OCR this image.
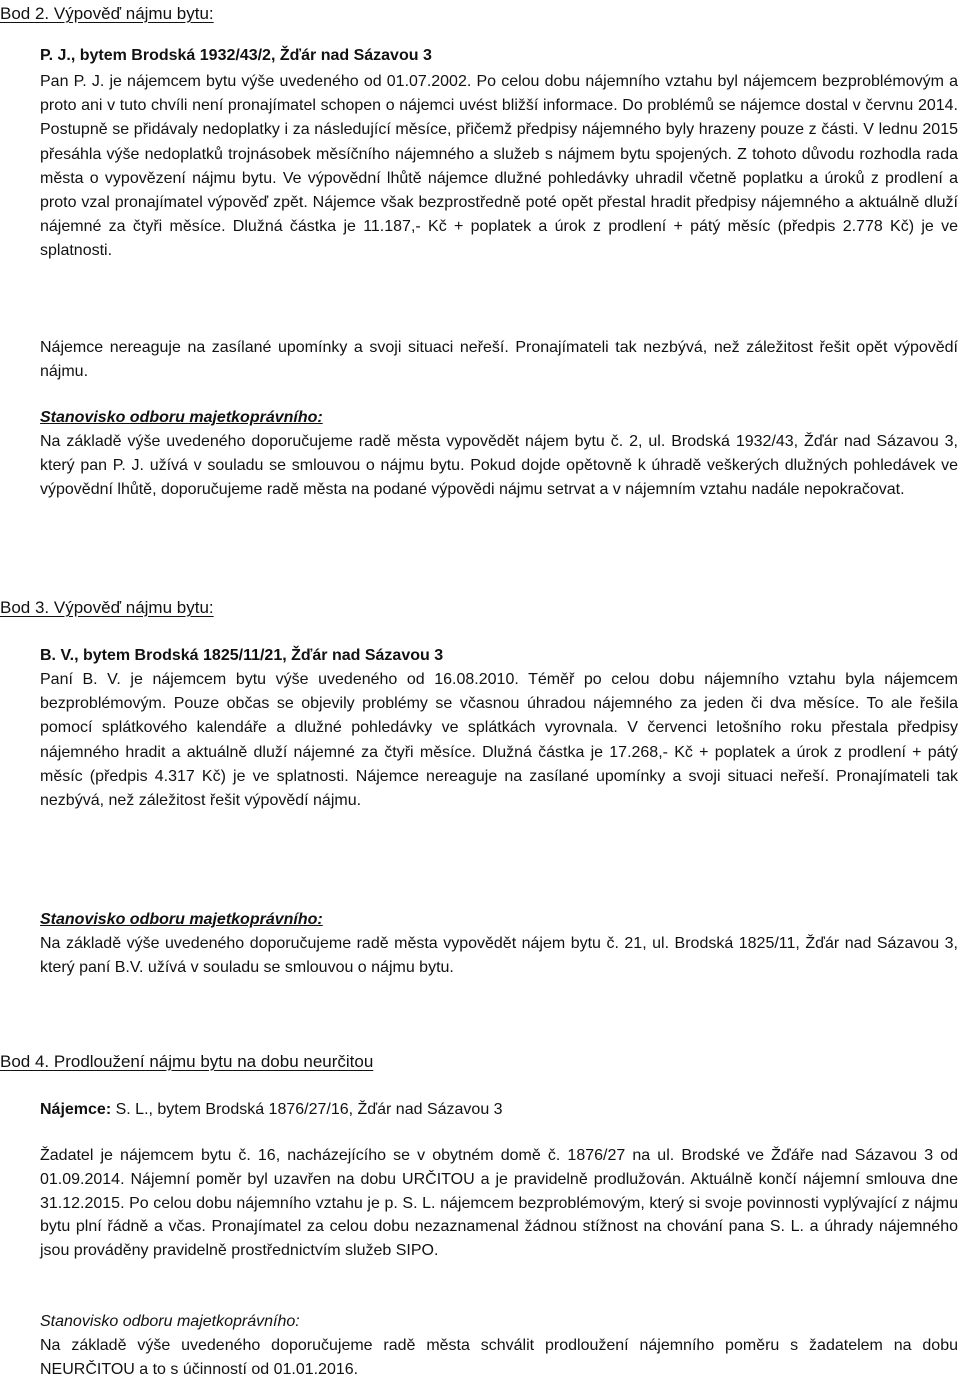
Bod 2. Výpověď nájmu bytu:
P. J., bytem Brodská 1932/43/2, Žďár nad Sázavou 3

Pan P. J. je nájemcem bytu výše uvedeného od 01.07.2002. Po celou dobu nájemního vztahu byl nájemcem bezproblémovým a proto ani v tuto chvíli není pronajímatel schopen o nájemci uvést bližší informace. Do problémů se nájemce dostal v červnu 2014. Postupně se přidávaly nedoplatky i za následující měsíce, přičemž předpisy nájemného byly hrazeny pouze z části. V lednu 2015 přesáhla výše nedoplatků trojnásobek měsíčního nájemného a služeb s nájmem bytu spojených. Z tohoto důvodu rozhodla rada města o vypovězení nájmu bytu. Ve výpovědní lhůtě nájemce dlužné pohledávky uhradil včetně poplatku a úroků z prodlení a proto vzal pronajímatel výpověď zpět. Nájemce však bezprostředně poté opět přestal hradit předpisy nájemného a aktuálně dluží nájemné za čtyři měsíce. Dlužná částka je 11.187,- Kč + poplatek a úrok z prodlení + pátý měsíc (předpis 2.778 Kč) je ve splatnosti.

Nájemce nereaguje na zasílané upomínky a svoji situaci neřeší. Pronajímateli tak nezbývá, než záležitost řešit opět výpovědí nájmu.

Stanovisko odboru majetkoprávního:

Na základě výše uvedeného doporučujeme radě města vypovědět nájem bytu č. 2, ul. Brodská 1932/43, Žďár nad Sázavou 3, který pan P. J. užívá v souladu se smlouvou o nájmu bytu. Pokud dojde opětovně k úhradě veškerých dlužných pohledávek ve výpovědní lhůtě, doporučujeme radě města na podané výpovědi nájmu setrvat a v nájemním vztahu nadále nepokračovat.

Bod 3. Výpověď nájmu bytu:
B. V., bytem Brodská 1825/11/21, Žďár nad Sázavou 3

Paní B. V. je nájemcem bytu výše uvedeného od 16.08.2010. Téměř po celou dobu nájemního vztahu byla nájemcem bezproblémovým. Pouze občas se objevily problémy se včasnou úhradou nájemného za jeden či dva měsíce. To ale řešila pomocí splátkového kalendáře a dlužné pohledávky ve splátkách vyrovnala. V červenci letošního roku přestala předpisy nájemného hradit a aktuálně dluží nájemné za čtyři měsíce. Dlužná částka je 17.268,- Kč + poplatek a úrok z prodlení + pátý měsíc (předpis 4.317 Kč) je ve splatnosti. Nájemce nereaguje na zasílané upomínky a svoji situaci neřeší. Pronajímateli tak nezbývá, než záležitost řešit výpovědí nájmu.

Stanovisko odboru majetkoprávního:

Na základě výše uvedeného doporučujeme radě města vypovědět nájem bytu č. 21, ul. Brodská 1825/11, Žďár nad Sázavou 3, který paní B.V. užívá v souladu se smlouvou o nájmu bytu.

Bod 4. Prodloužení nájmu bytu na dobu neurčitou
Nájemce: S. L., bytem Brodská 1876/27/16, Žďár nad Sázavou 3

Žadatel je nájemcem bytu č. 16, nacházejícího se v obytném domě č. 1876/27 na ul. Brodské ve Žďáře nad Sázavou 3 od 01.09.2014. Nájemní poměr byl uzavřen na dobu URČITOU a je pravidelně prodlužován. Aktuálně končí nájemní smlouva dne 31.12.2015. Po celou dobu nájemního vztahu je p. S. L. nájemcem bezproblémovým, který si svoje povinnosti vyplývající z nájmu bytu plní řádně a včas. Pronajímatel za celou dobu nezaznamenal žádnou stížnost na chování pana S. L. a úhrady nájemného jsou prováděny pravidelně prostřednictvím služeb SIPO.

Stanovisko odboru majetkoprávního:

Na základě výše uvedeného doporučujeme radě města schválit prodloužení nájemního poměru s žadatelem na dobu NEURČITOU a to s účinností od 01.01.2016.
